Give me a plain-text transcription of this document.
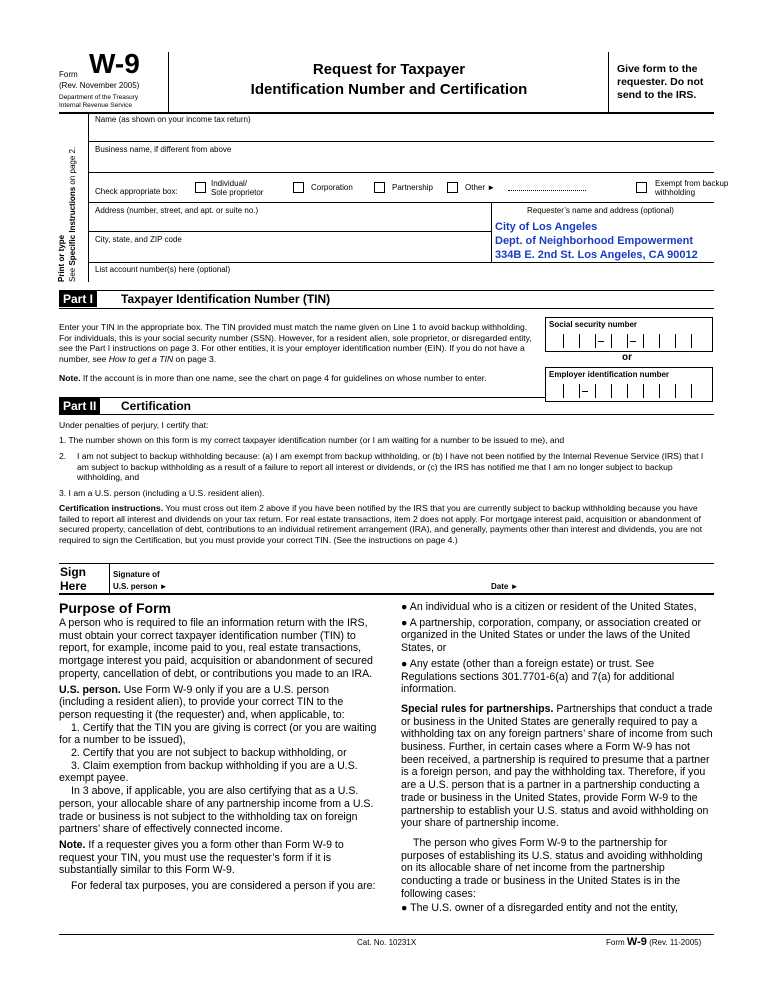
Form W-9
(Rev. November 2005)
Department of the Treasury
Internal Revenue Service
Request for Taxpayer
Identification Number and Certification
Give form to the requester. Do not send to the IRS.
Print or type See Specific Instructions on page 2.
Name (as shown on your income tax return)
Business name, if different from above
Check appropriate box:
Individual/
Sole proprietor
Corporation	Partnership	Other ►	Exempt from backup
withholding
Address (number, street, and apt. or suite no.)	Requester’s name and address (optional)
City of Los Angeles
Dept. of Neighborhood Empowerment
334B E. 2nd St. Los Angeles, CA 90012
City, state, and ZIP code
List account number(s) here (optional)
Part I	Taxpayer Identification Number (TIN)
Enter your TIN in the appropriate box. The TIN provided must match the name given on Line 1 to avoid backup withholding. For individuals, this is your social security number (SSN). However, for a resident alien, sole proprietor, or disregarded entity, see the Part I instructions on page 3. For other entities, it is your employer identification number (EIN). If you do not have a number, see How to get a TIN on page 3.
Note. If the account is in more than one name, see the chart on page 4 for guidelines on whose number to enter.
Social security number
or
Employer identification number
Part II	Certification
Under penalties of perjury, I certify that:
1. The number shown on this form is my correct taxpayer identification number (or I am waiting for a number to be issued to me), and
2.	I am not subject to backup withholding because: (a) I am exempt from backup withholding, or (b) I have not been notified by the Internal Revenue Service (IRS) that I am subject to backup withholding as a result of a failure to report all interest or dividends, or (c) the IRS has notified me that I am no longer subject to backup withholding, and
3. I am a U.S. person (including a U.S. resident alien).
Certification instructions. You must cross out item 2 above if you have been notified by the IRS that you are currently subject to backup withholding because you have failed to report all interest and dividends on your tax return. For real estate transactions, item 2 does not apply. For mortgage interest paid, acquisition or abandonment of secured property, cancellation of debt, contributions to an individual retirement arrangement (IRA), and generally, payments other than interest and dividends, you are not required to sign the Certification, but you must provide your correct TIN. (See the instructions on page 4.)
Sign
Here
Signature of
U.S. person ►	Date ►
Purpose of Form

A person who is required to file an information return with the IRS, must obtain your correct taxpayer identification number (TIN) to report, for example, income paid to you, real estate transactions, mortgage interest you paid, acquisition or abandonment of secured property, cancellation of debt, or contributions you made to an IRA.

U.S. person. Use Form W-9 only if you are a U.S. person (including a resident alien), to provide your correct TIN to the person requesting it (the requester) and, when applicable, to:

1. Certify that the TIN you are giving is correct (or you are waiting for a number to be issued),

2. Certify that you are not subject to backup withholding, or

3. Claim exemption from backup withholding if you are a U.S. exempt payee.

In 3 above, if applicable, you are also certifying that as a U.S. person, your allocable share of any partnership income from a U.S. trade or business is not subject to the withholding tax on foreign partners’ share of effectively connected income.

Note. If a requester gives you a form other than Form W-9 to request your TIN, you must use the requester’s form if it is substantially similar to this Form W-9.

For federal tax purposes, you are considered a person if you are:

● An individual who is a citizen or resident of the United States,

● A partnership, corporation, company, or association created or organized in the United States or under the laws of the United States, or

● Any estate (other than a foreign estate) or trust. See Regulations sections 301.7701-6(a) and 7(a) for additional information.

Special rules for partnerships. Partnerships that conduct a trade or business in the United States are generally required to pay a withholding tax on any foreign partners’ share of income from such business. Further, in certain cases where a Form W-9 has not been received, a partnership is required to presume that a partner is a foreign person, and pay the withholding tax. Therefore, if you are a U.S. person that is a partner in a partnership conducting a trade or business in the United States, provide Form W-9 to the partnership to establish your U.S. status and avoid withholding on your share of partnership income.

The person who gives Form W-9 to the partnership for purposes of establishing its U.S. status and avoiding withholding on its allocable share of net income from the partnership conducting a trade or business in the United States is in the following cases:

● The U.S. owner of a disregarded entity and not the entity,

Cat. No. 10231X	Form W-9 (Rev. 11-2005)
